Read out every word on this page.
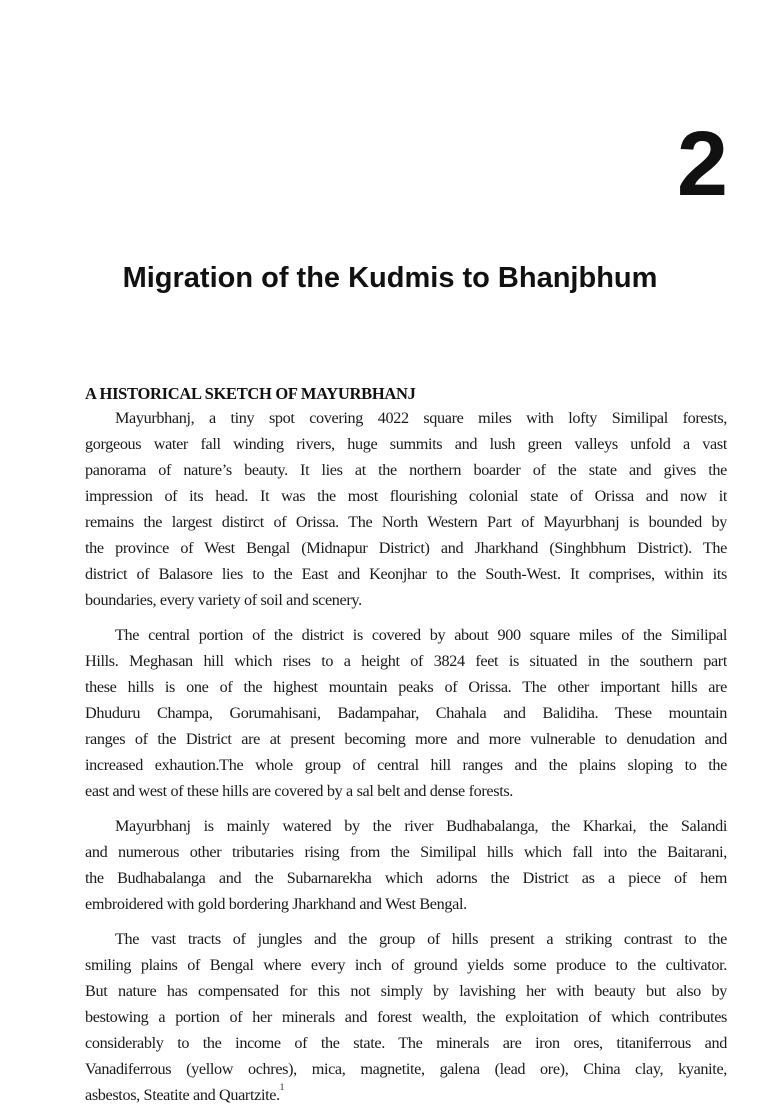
2
Migration of the Kudmis to Bhanjbhum
A HISTORICAL SKETCH OF MAYURBHANJ
Mayurbhanj, a tiny spot covering 4022 square miles with lofty Similipal forests,
gorgeous water fall winding rivers, huge summits and lush green valleys unfold a vast
panorama of nature’s beauty. It lies at the northern boarder of the state and gives the
impression of its head. It was the most flourishing colonial state of Orissa and now it
remains the largest distirct of Orissa. The North Western Part of Mayurbhanj is bounded by
the province of West Bengal (Midnapur District) and Jharkhand (Singhbhum District). The
district of Balasore lies to the East and Keonjhar to the South-West. It comprises, within its
boundaries, every variety of soil and scenery.
The central portion of the district is covered by about 900 square miles of the Similipal
Hills. Meghasan hill which rises to a height of 3824 feet is situated in the southern part
these hills is one of the highest mountain peaks of Orissa. The other important hills are
Dhuduru Champa, Gorumahisani, Badampahar, Chahala and Balidiha. These mountain
ranges of the District are at present becoming more and more vulnerable to denudation and
increased exhaution.The whole group of central hill ranges and the plains sloping to the
east and west of these hills are covered by a sal belt and dense forests.
Mayurbhanj is mainly watered by the river Budhabalanga, the Kharkai, the Salandi
and numerous other tributaries rising from the Similipal hills which fall into the Baitarani,
the Budhabalanga and the Subarnarekha which adorns the District as a piece of hem
embroidered with gold bordering Jharkhand and West Bengal.
The vast tracts of jungles and the group of hills present a striking contrast to the
smiling plains of Bengal where every inch of ground yields some produce to the cultivator.
But nature has compensated for this not simply by lavishing her with beauty but also by
bestowing a portion of her minerals and forest wealth, the exploitation of which contributes
considerably to the income of the state. The minerals are iron ores, titaniferrous and
Vanadiferrous (yellow ochres), mica, magnetite, galena (lead ore), China clay, kyanite,
asbestos, Steatite and Quartzite.$^1$
